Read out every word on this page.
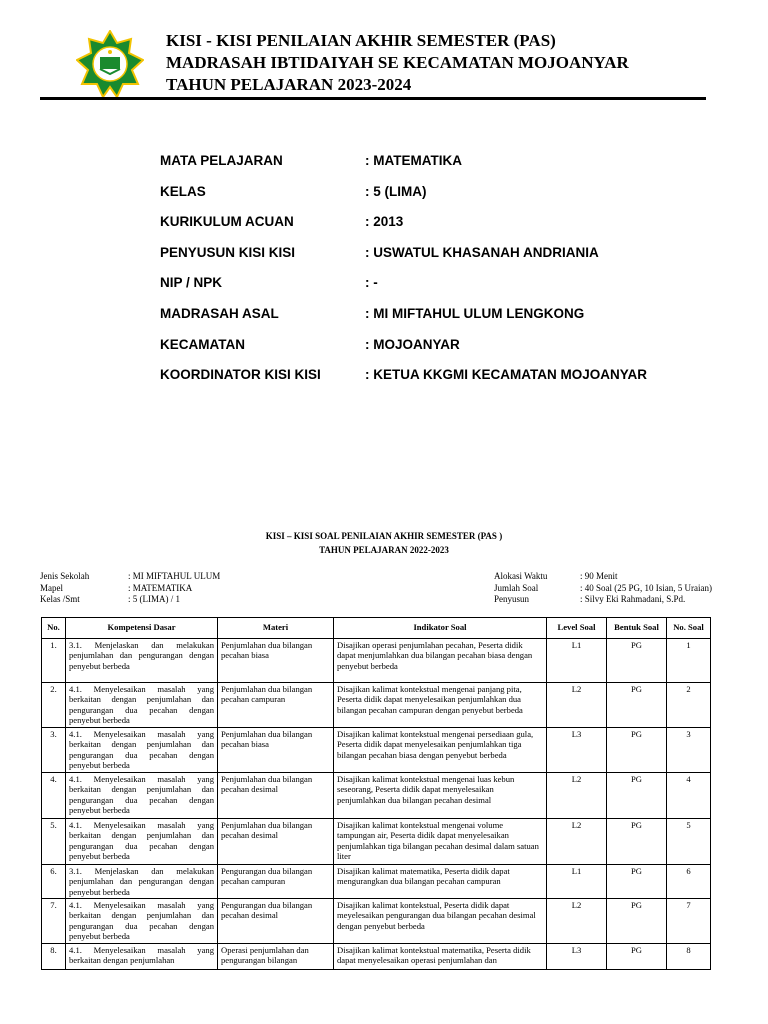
KISI - KISI PENILAIAN AKHIR SEMESTER (PAS)
MADRASAH IBTIDAIYAH SE KECAMATAN MOJOANYAR
TAHUN PELAJARAN 2023-2024
MATA PELAJARAN	: MATEMATIKA
KELAS	: 5 (LIMA)
KURIKULUM ACUAN	: 2013
PENYUSUN KISI KISI	: USWATUL KHASANAH ANDRIANIA
NIP / NPK	: -
MADRASAH ASAL	: MI MIFTAHUL ULUM LENGKONG
KECAMATAN	: MOJOANYAR
KOORDINATOR KISI KISI	: KETUA KKGMI KECAMATAN MOJOANYAR
KISI – KISI SOAL PENILAIAN AKHIR SEMESTER (PAS )
TAHUN PELAJARAN 2022-2023
Jenis Sekolah	: MI MIFTAHUL ULUM
Mapel	: MATEMATIKA
Kelas /Smt	: 5 (LIMA) / 1
Alokasi Waktu	: 90 Menit
Jumlah Soal	: 40 Soal (25 PG, 10 Isian, 5 Uraian)
Penyusun	: Silvy Eki Rahmadani, S.Pd.
No.	Kompetensi Dasar	Materi	Indikator Soal	Level Soal	Bentuk Soal	No. Soal
1.	3.1. Menjelaskan dan melakukan penjumlahan dan pengurangan dengan penyebut berbeda	Penjumlahan dua bilangan pecahan biasa	Disajikan operasi penjumlahan pecahan, Peserta didik dapat menjumlahkan dua bilangan pecahan biasa dengan penyebut berbeda	L1	PG	1
2.	4.1. Menyelesaikan masalah yang berkaitan dengan penjumlahan dan pengurangan dua pecahan dengan penyebut berbeda	Penjumlahan dua bilangan pecahan campuran	Disajikan kalimat kontekstual mengenai panjang pita, Peserta didik dapat menyelesaikan penjumlahkan dua bilangan pecahan campuran dengan penyebut berbeda	L2	PG	2
3.	4.1. Menyelesaikan masalah yang berkaitan dengan penjumlahan dan pengurangan dua pecahan dengan penyebut berbeda	Penjumlahan dua bilangan pecahan biasa	Disajikan kalimat kontekstual mengenai persediaan gula, Peserta didik dapat menyelesaikan penjumlahkan tiga bilangan pecahan biasa dengan penyebut berbeda	L3	PG	3
4.	4.1. Menyelesaikan masalah yang berkaitan dengan penjumlahan dan pengurangan dua pecahan dengan penyebut berbeda	Penjumlahan dua bilangan pecahan desimal	Disajikan kalimat kontekstual mengenai luas kebun seseorang, Peserta didik dapat menyelesaikan penjumlahkan dua bilangan pecahan desimal	L2	PG	4
5.	4.1. Menyelesaikan masalah yang berkaitan dengan penjumlahan dan pengurangan dua pecahan dengan penyebut berbeda	Penjumlahan dua bilangan pecahan desimal	Disajikan kalimat kontekstual mengenai volume tampungan air, Peserta didik dapat menyelesaikan penjumlahkan tiga bilangan pecahan desimal dalam satuan liter	L2	PG	5
6.	3.1. Menjelaskan dan melakukan penjumlahan dan pengurangan dengan penyebut berbeda	Pengurangan dua bilangan pecahan campuran	Disajikan kalimat matematika, Peserta didik dapat mengurangkan dua bilangan pecahan campuran	L1	PG	6
7.	4.1. Menyelesaikan masalah yang berkaitan dengan penjumlahan dan pengurangan dua pecahan dengan penyebut berbeda	Pengurangan dua bilangan pecahan desimal	Disajikan kalimat kontekstual, Peserta didik dapat meyelesaikan pengurangan dua bilangan pecahan desimal dengan penyebut berbeda	L2	PG	7
8.	4.1. Menyelesaikan masalah yang berkaitan dengan penjumlahan	Operasi penjumlahan dan pengurangan bilangan	Disajikan kalimat kontekstual matematika, Peserta didik dapat menyelesaikan operasi penjumlahan dan	L3	PG	8
